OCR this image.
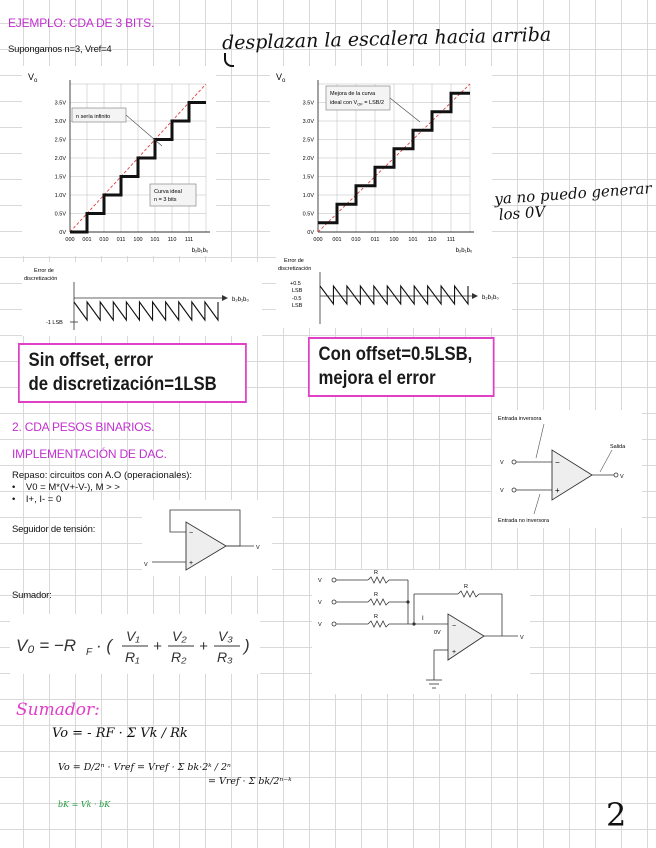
EJEMPLO: CDA DE 3 BITS.
Supongamos n=3, Vref=4	desplazan la escalera hacia arriba
¡ ya no puedo generar
los 0V
$V_o$
0V
0.5V
1.0V
1.5V
2.0V
2.5V
3.0V
3.5V
000 001 010 011 100 101 110 111
n sería infinito
Curva ideal
n = 3 bits
b₂b₁b₀
$V_o$
0V
0.5V
1.0V
1.5V
2.0V
2.5V
3.0V
3.5V
000 001 010 011 100 101 110 111
Mejora de la curva
ideal con $V_{OF} = LSB/2$
b₂b₁b₀
Error de
discretización
-1 LSB
b₂b₁b₀
Error de
discretización
+0.5
LSB
-0.5
LSB
b₂b₁b₀
Sin offset, error
de discretización=1LSB
Con offset=0.5LSB,
mejora el error
2. CDA PESOS BINARIOS.
IMPLEMENTACIÓN DE DAC.
Repaso: circuitos con A.O (operacionales):
•    V0 = M*(V+-V-), M > >
•    I+, I- = 0
Seguidor de tensión:
Sumador:
Entrada inversora
Salida
Entrada no inversora
V
V
V
−
+
−
+
V
V
V₀ = −R F · ( V₁
R₁
+
V₂
R₂
+
V₃
R₃
)
V
V
V
R
R
R
R
I
0V
−
+
V
Sumador:
Vo = - RF · Σ Vk / Rk
Vo = D/2ⁿ · Vref = Vref · Σ bk·2ᵏ / 2ⁿ
= Vref · Σ bk/2ⁿ⁻ᵏ
bK = Vk · bK	2
